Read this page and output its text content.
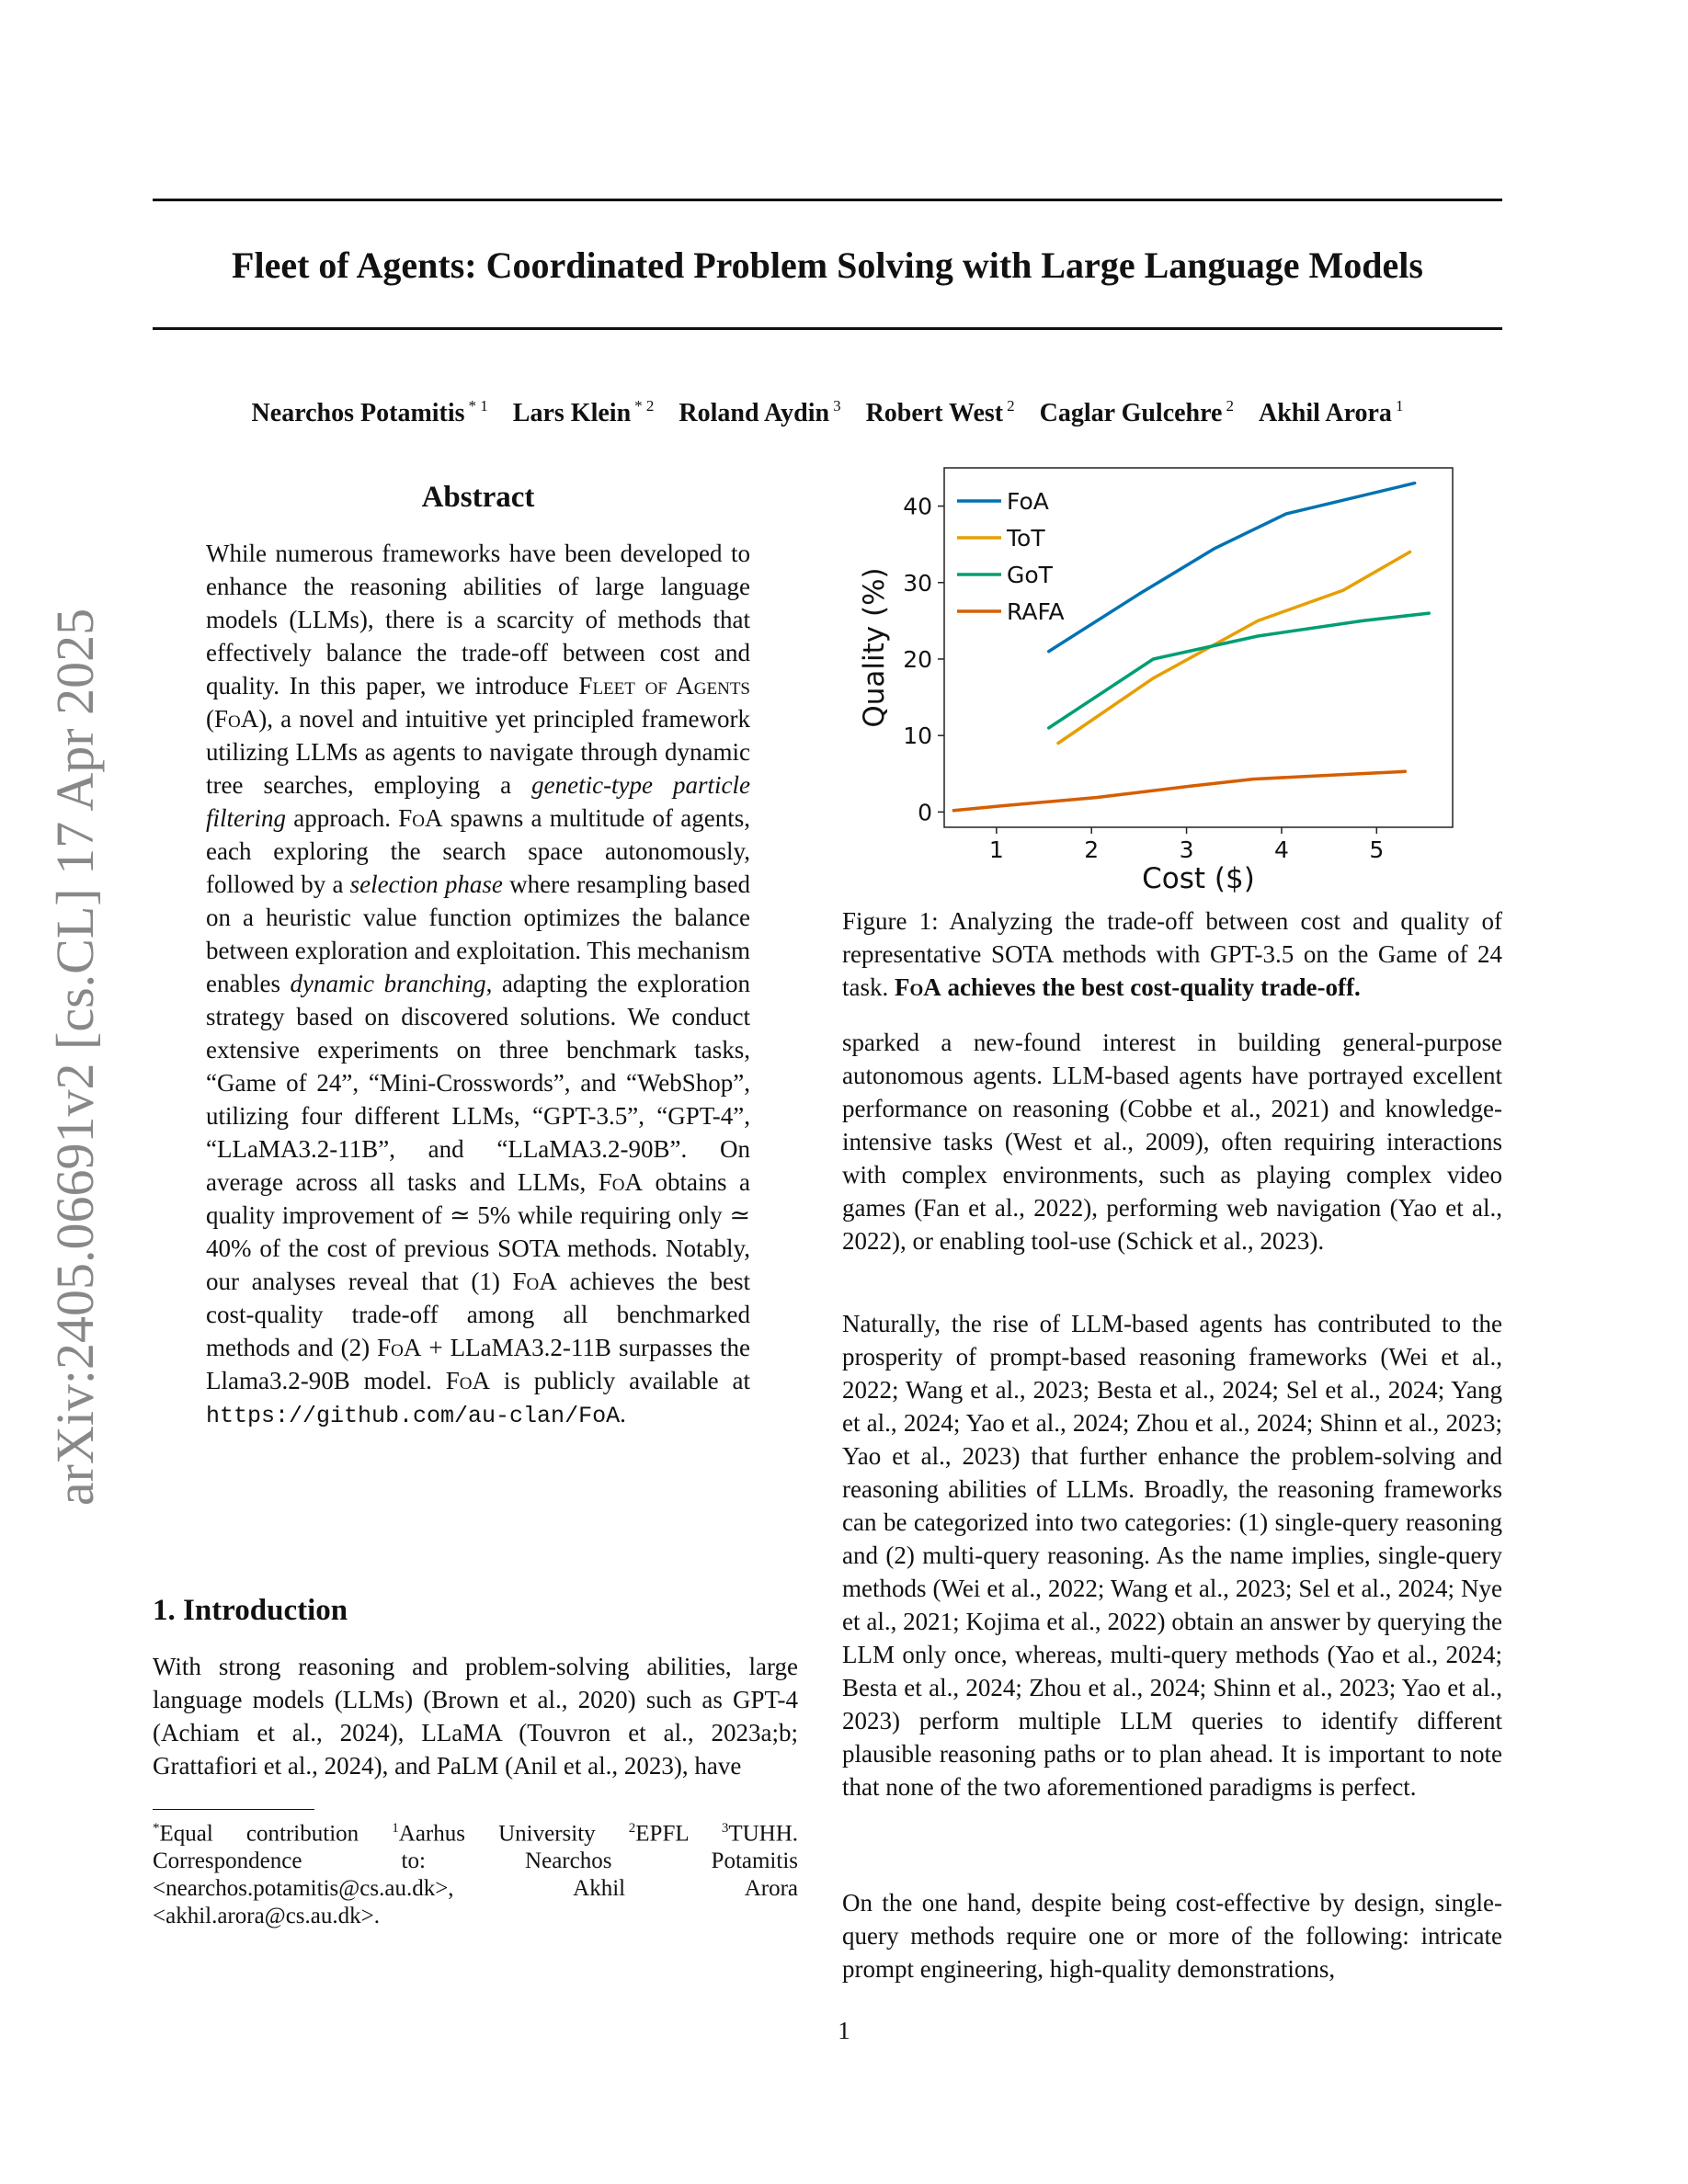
Fleet of Agents: Coordinated Problem Solving with Large Language Models
Nearchos Potamitis $^{* 1}$ Lars Klein $^{* 2}$ Roland Aydin $^3$ Robert West $^2$ Caglar Gulcehre $^2$ Akhil Arora $^1$
arXiv:2405.06691v2 [cs.CL] 17 Apr 2025
Abstract

While numerous frameworks have been developed to enhance the reasoning abilities of large language models (LLMs), there is a scarcity of methods that effectively balance the trade-off between cost and quality. In this paper, we introduce Fleet of Agents (FoA), a novel and intuitive yet principled framework utilizing LLMs as agents to navigate through dynamic tree searches, employing a genetic-type particle filtering approach. FoA spawns a multitude of agents, each exploring the search space autonomously, followed by a selection phase where resampling based on a heuristic value function optimizes the balance between exploration and exploitation. This mechanism enables dynamic branching, adapting the exploration strategy based on discovered solutions. We conduct extensive experiments on three benchmark tasks, “Game of 24”, “Mini-Crosswords”, and “WebShop”, utilizing four different LLMs, “GPT-3.5”, “GPT-4”, “LLaMA3.2-11B”, and “LLaMA3.2-90B”. On average across all tasks and LLMs, FoA obtains a quality improvement of ≃ 5% while requiring only ≃ 40% of the cost of previous SOTA methods. Notably, our analyses reveal that (1) FoA achieves the best cost-quality trade-off among all benchmarked methods and (2) FoA + LLaMA3.2-11B surpasses the Llama3.2-90B model. FoA is publicly available at https://github.com/au-clan/FoA.

1. Introduction

With strong reasoning and problem-solving abilities, large language models (LLMs) (Brown et al., 2020) such as GPT-4 (Achiam et al., 2024), LLaMA (Touvron et al., 2023a;b; Grattafiori et al., 2024), and PaLM (Anil et al., 2023), have

*Equal contribution $^1$Aarhus University $^2$EPFL $^3$TUHH. Correspondence to: Nearchos Potamitis <nearchos.potamitis@cs.au.dk>, Akhil Arora <akhil.arora@cs.au.dk>.

1	2	3	4	5
0
10
20
30
40
Cost ($)
Quality (%)
FoA
ToT
GoT
RAFA

Figure 1: Analyzing the trade-off between cost and quality of representative SOTA methods with GPT-3.5 on the Game of 24 task. FoA achieves the best cost-quality trade-off.

sparked a new-found interest in building general-purpose autonomous agents. LLM-based agents have portrayed excellent performance on reasoning (Cobbe et al., 2021) and knowledge-intensive tasks (West et al., 2009), often requiring interactions with complex environments, such as playing complex video games (Fan et al., 2022), performing web navigation (Yao et al., 2022), or enabling tool-use (Schick et al., 2023).

Naturally, the rise of LLM-based agents has contributed to the prosperity of prompt-based reasoning frameworks (Wei et al., 2022; Wang et al., 2023; Besta et al., 2024; Sel et al., 2024; Yang et al., 2024; Yao et al., 2024; Zhou et al., 2024; Shinn et al., 2023; Yao et al., 2023) that further enhance the problem-solving and reasoning abilities of LLMs. Broadly, the reasoning frameworks can be categorized into two categories: (1) single-query reasoning and (2) multi-query reasoning. As the name implies, single-query methods (Wei et al., 2022; Wang et al., 2023; Sel et al., 2024; Nye et al., 2021; Kojima et al., 2022) obtain an answer by querying the LLM only once, whereas, multi-query methods (Yao et al., 2024; Besta et al., 2024; Zhou et al., 2024; Shinn et al., 2023; Yao et al., 2023) perform multiple LLM queries to identify different plausible reasoning paths or to plan ahead. It is important to note that none of the two aforementioned paradigms is perfect.

On the one hand, despite being cost-effective by design, single-query methods require one or more of the following: intricate prompt engineering, high-quality demonstrations,

1
